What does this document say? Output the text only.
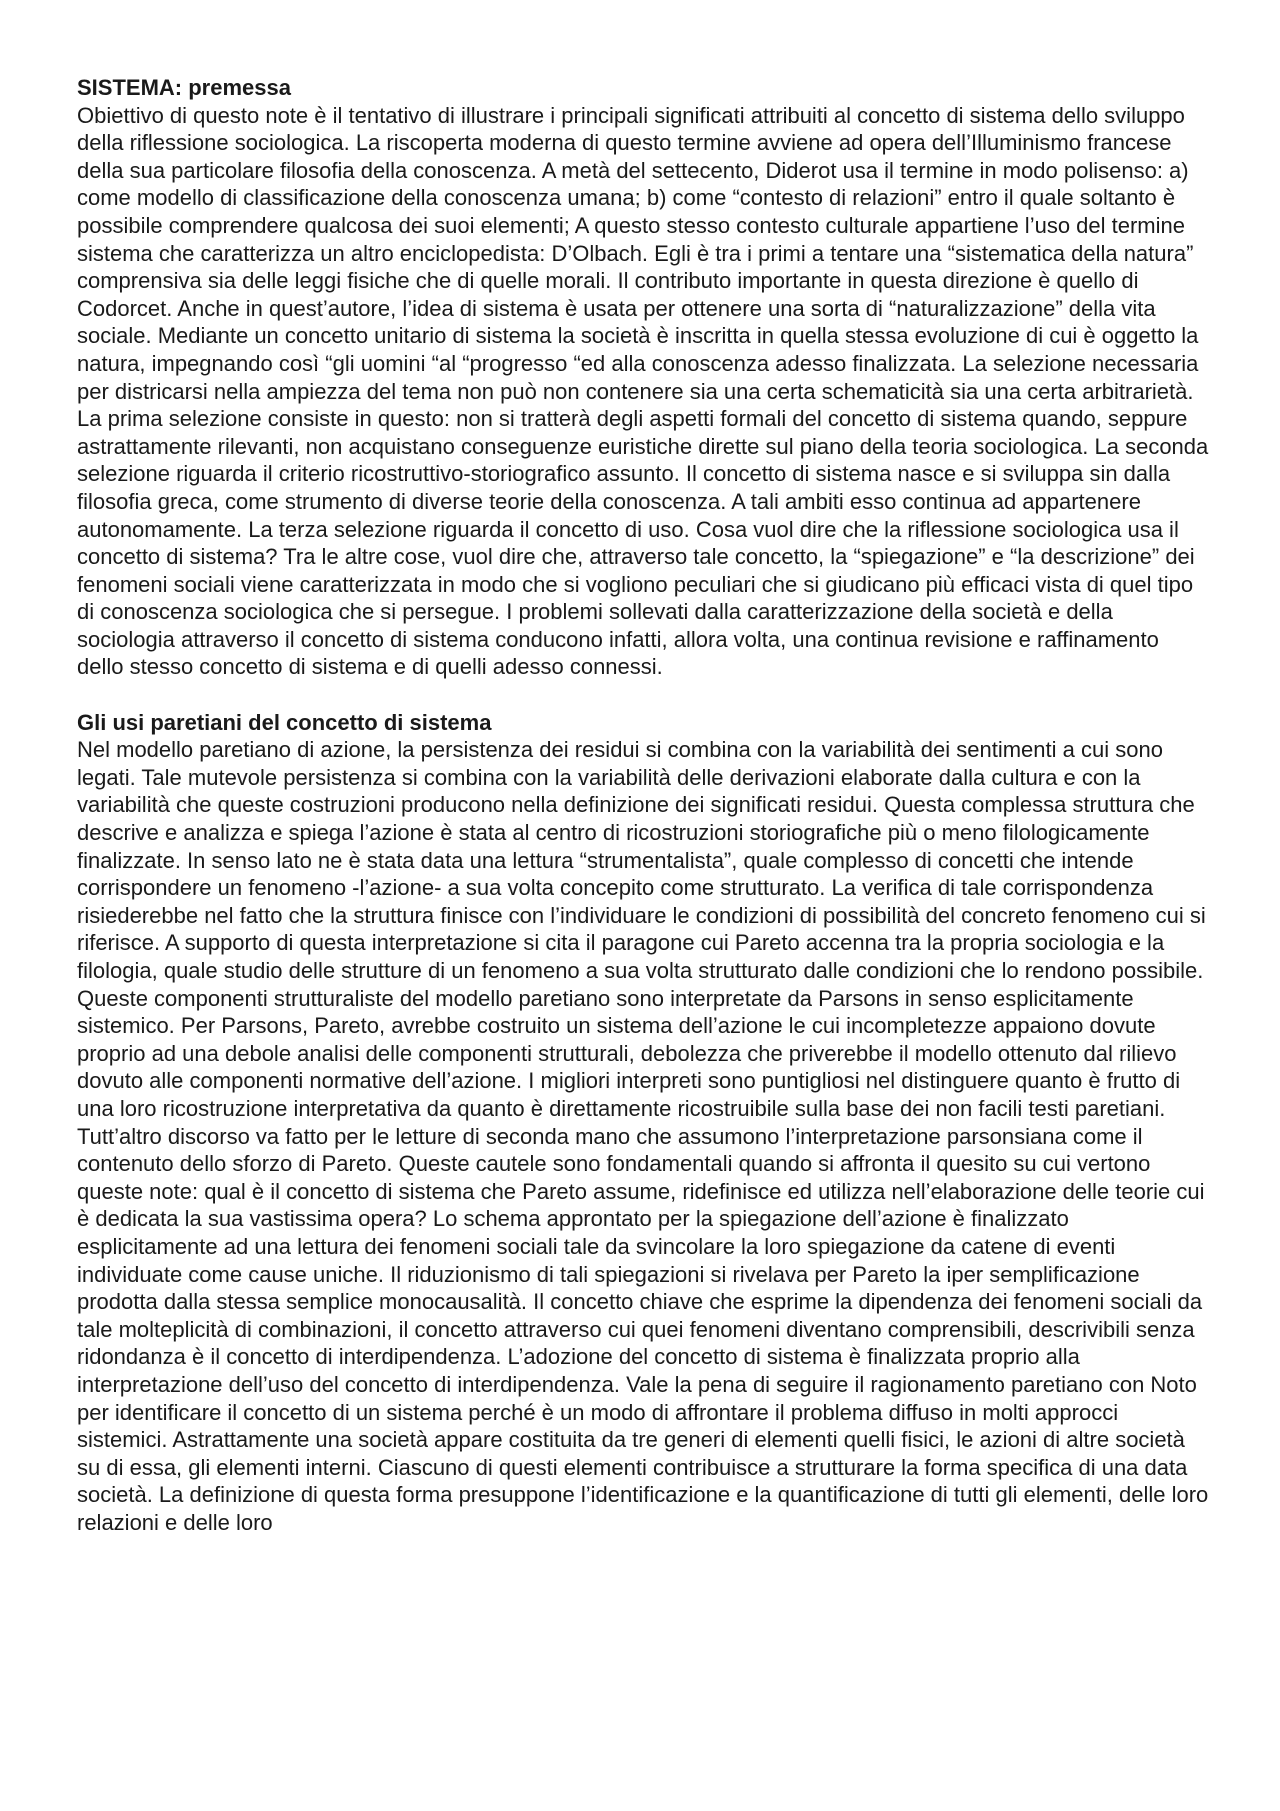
SISTEMA: premessa

Obiettivo di questo note è il tentativo di illustrare i principali significati attribuiti al concetto di sistema dello sviluppo della riflessione sociologica. La riscoperta moderna di questo termine avviene ad opera dell’Illuminismo francese della sua particolare filosofia della conoscenza. A metà del settecento, Diderot usa il termine in modo polisenso: a) come modello di classificazione della conoscenza umana; b) come “contesto di relazioni” entro il quale soltanto è possibile comprendere qualcosa dei suoi elementi; A questo stesso contesto culturale appartiene l’uso del termine sistema che caratterizza un altro enciclopedista: D’Olbach. Egli è tra i primi a tentare una “sistematica della natura” comprensiva sia delle leggi fisiche che di quelle morali. Il contributo importante in questa direzione è quello di Codorcet. Anche in quest’autore, l’idea di sistema è usata per ottenere una sorta di “naturalizzazione” della vita sociale. Mediante un concetto unitario di sistema la società è inscritta in quella stessa evoluzione di cui è oggetto la natura, impegnando così “gli uomini “al “progresso “ed alla conoscenza adesso finalizzata. La selezione necessaria per districarsi nella ampiezza del tema non può non contenere sia una certa schematicità sia una certa arbitrarietà. La prima selezione consiste in questo: non si tratterà degli aspetti formali del concetto di sistema quando, seppure astrattamente rilevanti, non acquistano conseguenze euristiche dirette sul piano della teoria sociologica. La seconda selezione riguarda il criterio ricostruttivo-storiografico assunto. Il concetto di sistema nasce e si sviluppa sin dalla filosofia greca, come strumento di diverse teorie della conoscenza. A tali ambiti esso continua ad appartenere autonomamente. La terza selezione riguarda il concetto di uso. Cosa vuol dire che la riflessione sociologica usa il concetto di sistema? Tra le altre cose, vuol dire che, attraverso tale concetto, la “spiegazione” e “la descrizione” dei fenomeni sociali viene caratterizzata in modo che si vogliono peculiari che si giudicano più efficaci vista di quel tipo di conoscenza sociologica che si persegue. I problemi sollevati dalla caratterizzazione della società e della sociologia attraverso il concetto di sistema conducono infatti, allora volta, una continua revisione e raffinamento dello stesso concetto di sistema e di quelli adesso connessi.

Gli usi paretiani del concetto di sistema

Nel modello paretiano di azione, la persistenza dei residui si combina con la variabilità dei sentimenti a cui sono legati. Tale mutevole persistenza si combina con la variabilità delle derivazioni elaborate dalla cultura e con la variabilità che queste costruzioni producono nella definizione dei significati residui. Questa complessa struttura che descrive e analizza e spiega l’azione è stata al centro di ricostruzioni storiografiche più o meno filologicamente finalizzate. In senso lato ne è stata data una lettura “strumentalista”, quale complesso di concetti che intende corrispondere un fenomeno -l’azione- a sua volta concepito come strutturato. La verifica di tale corrispondenza risiederebbe nel fatto che la struttura finisce con l’individuare le condizioni di possibilità del concreto fenomeno cui si riferisce. A supporto di questa interpretazione si cita il paragone cui Pareto accenna tra la propria sociologia e la filologia, quale studio delle strutture di un fenomeno a sua volta strutturato dalle condizioni che lo rendono possibile. Queste componenti strutturaliste del modello paretiano sono interpretate da Parsons in senso esplicitamente sistemico. Per Parsons, Pareto, avrebbe costruito un sistema dell’azione le cui incompletezze appaiono dovute proprio ad una debole analisi delle componenti strutturali, debolezza che priverebbe il modello ottenuto dal rilievo dovuto alle componenti normative dell’azione. I migliori interpreti sono puntigliosi nel distinguere quanto è frutto di una loro ricostruzione interpretativa da quanto è direttamente ricostruibile sulla base dei non facili testi paretiani. Tutt’altro discorso va fatto per le letture di seconda mano che assumono l’interpretazione parsonsiana come il contenuto dello sforzo di Pareto. Queste cautele sono fondamentali quando si affronta il quesito su cui vertono queste note: qual è il concetto di sistema che Pareto assume, ridefinisce ed utilizza nell’elaborazione delle teorie cui è dedicata la sua vastissima opera? Lo schema approntato per la spiegazione dell’azione è finalizzato esplicitamente ad una lettura dei fenomeni sociali tale da svincolare la loro spiegazione da catene di eventi individuate come cause uniche. Il riduzionismo di tali spiegazioni si rivelava per Pareto la iper semplificazione prodotta dalla stessa semplice monocausalità. Il concetto chiave che esprime la dipendenza dei fenomeni sociali da tale molteplicità di combinazioni, il concetto attraverso cui quei fenomeni diventano comprensibili, descrivibili senza ridondanza è il concetto di interdipendenza. L’adozione del concetto di sistema è finalizzata proprio alla interpretazione dell’uso del concetto di interdipendenza. Vale la pena di seguire il ragionamento paretiano con Noto per identificare il concetto di un sistema perché è un modo di affrontare il problema diffuso in molti approcci sistemici. Astrattamente una società appare costituita da tre generi di elementi quelli fisici, le azioni di altre società su di essa, gli elementi interni. Ciascuno di questi elementi contribuisce a strutturare la forma specifica di una data società. La definizione di questa forma presuppone l’identificazione e la quantificazione di tutti gli elementi, delle loro relazioni e delle loro
